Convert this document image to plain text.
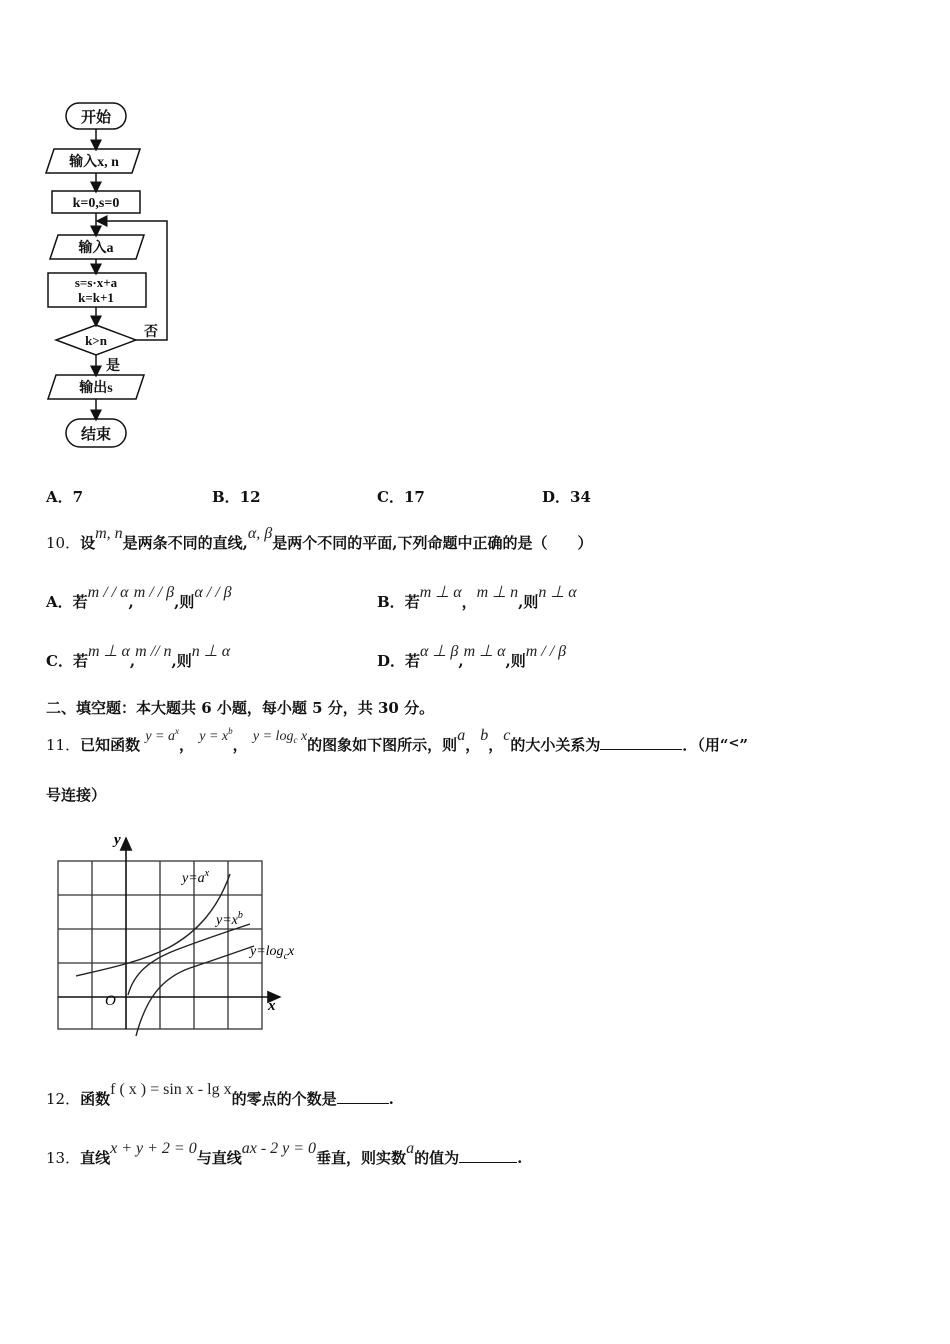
开始
输入x, n
k=0,s=0
输入a
s=s·x+a
k=k+1
k>n
否
是
输出s
结束
A．7	B．12	C．17	D．34
10．设m, n是两条不同的直线,α, β是两个不同的平面,下列命题中正确的是（　　）
A．若m / / α,m / / β,则α / / β
B．若m ⊥ α，m ⊥ n,则n ⊥ α
C．若m ⊥ α,m // n,则n ⊥ α
D．若α ⊥ β,m ⊥ α,则m / / β
二、填空题：本大题共 6 小题，每小题 5 分，共 30 分。
11．已知函数 $y = a^x$， $y = x^b$， $y = \log_c x$的图象如下图所示，则a，b，c的大小关系为	．（用“<”
号连接）
y
x
O
$y=a^x$
$y=x^b$
$y=\log_cx$
12．函数f ( x ) = sin x - lg x的零点的个数是	.
13．直线x + y + 2 = 0与直线ax - 2 y = 0垂直，则实数a的值为	.
